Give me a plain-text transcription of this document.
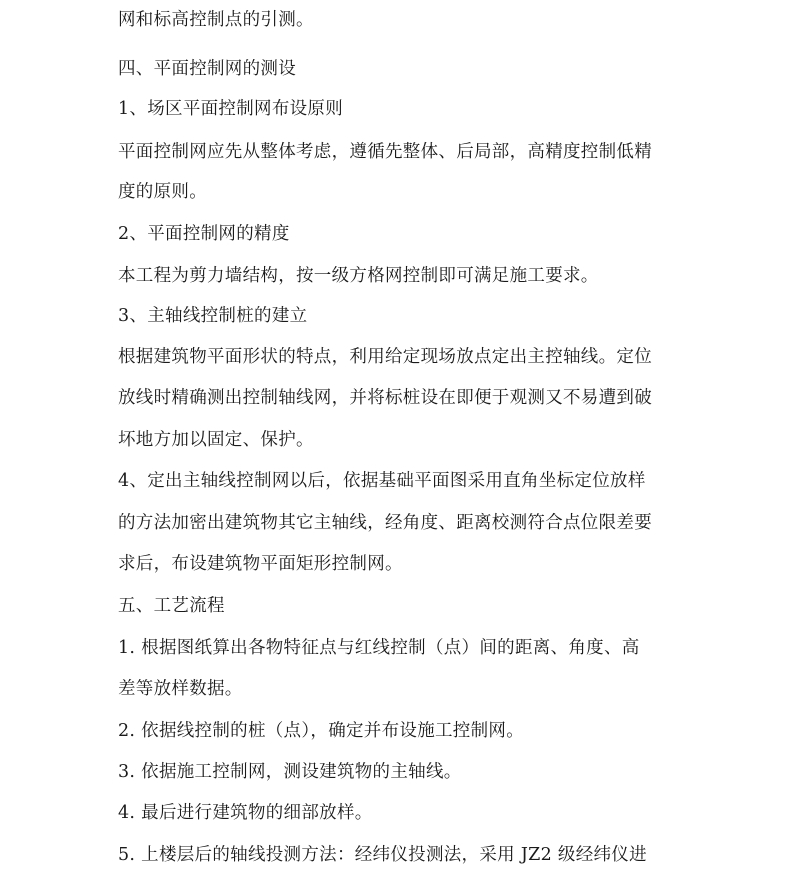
网和标高控制点的引测。
四、平面控制网的测设
1、场区平面控制网布设原则
平面控制网应先从整体考虑，遵循先整体、后局部，高精度控制低精
度的原则。
2、平面控制网的精度
本工程为剪力墙结构，按一级方格网控制即可满足施工要求。
3、主轴线控制桩的建立
根据建筑物平面形状的特点，利用给定现场放点定出主控轴线。定位
放线时精确测出控制轴线网，并将标桩设在即便于观测又不易遭到破
坏地方加以固定、保护。
4、定出主轴线控制网以后，依据基础平面图采用直角坐标定位放样
的方法加密出建筑物其它主轴线，经角度、距离校测符合点位限差要
求后，布设建筑物平面矩形控制网。
五、工艺流程
1. 根据图纸算出各物特征点与红线控制（点）间的距离、角度、高
差等放样数据。
2. 依据线控制的桩（点），确定并布设施工控制网。
3. 依据施工控制网，测设建筑物的主轴线。
4. 最后进行建筑物的细部放样。
5. 上楼层后的轴线投测方法：经纬仪投测法，采用 JZ2 级经纬仪进
